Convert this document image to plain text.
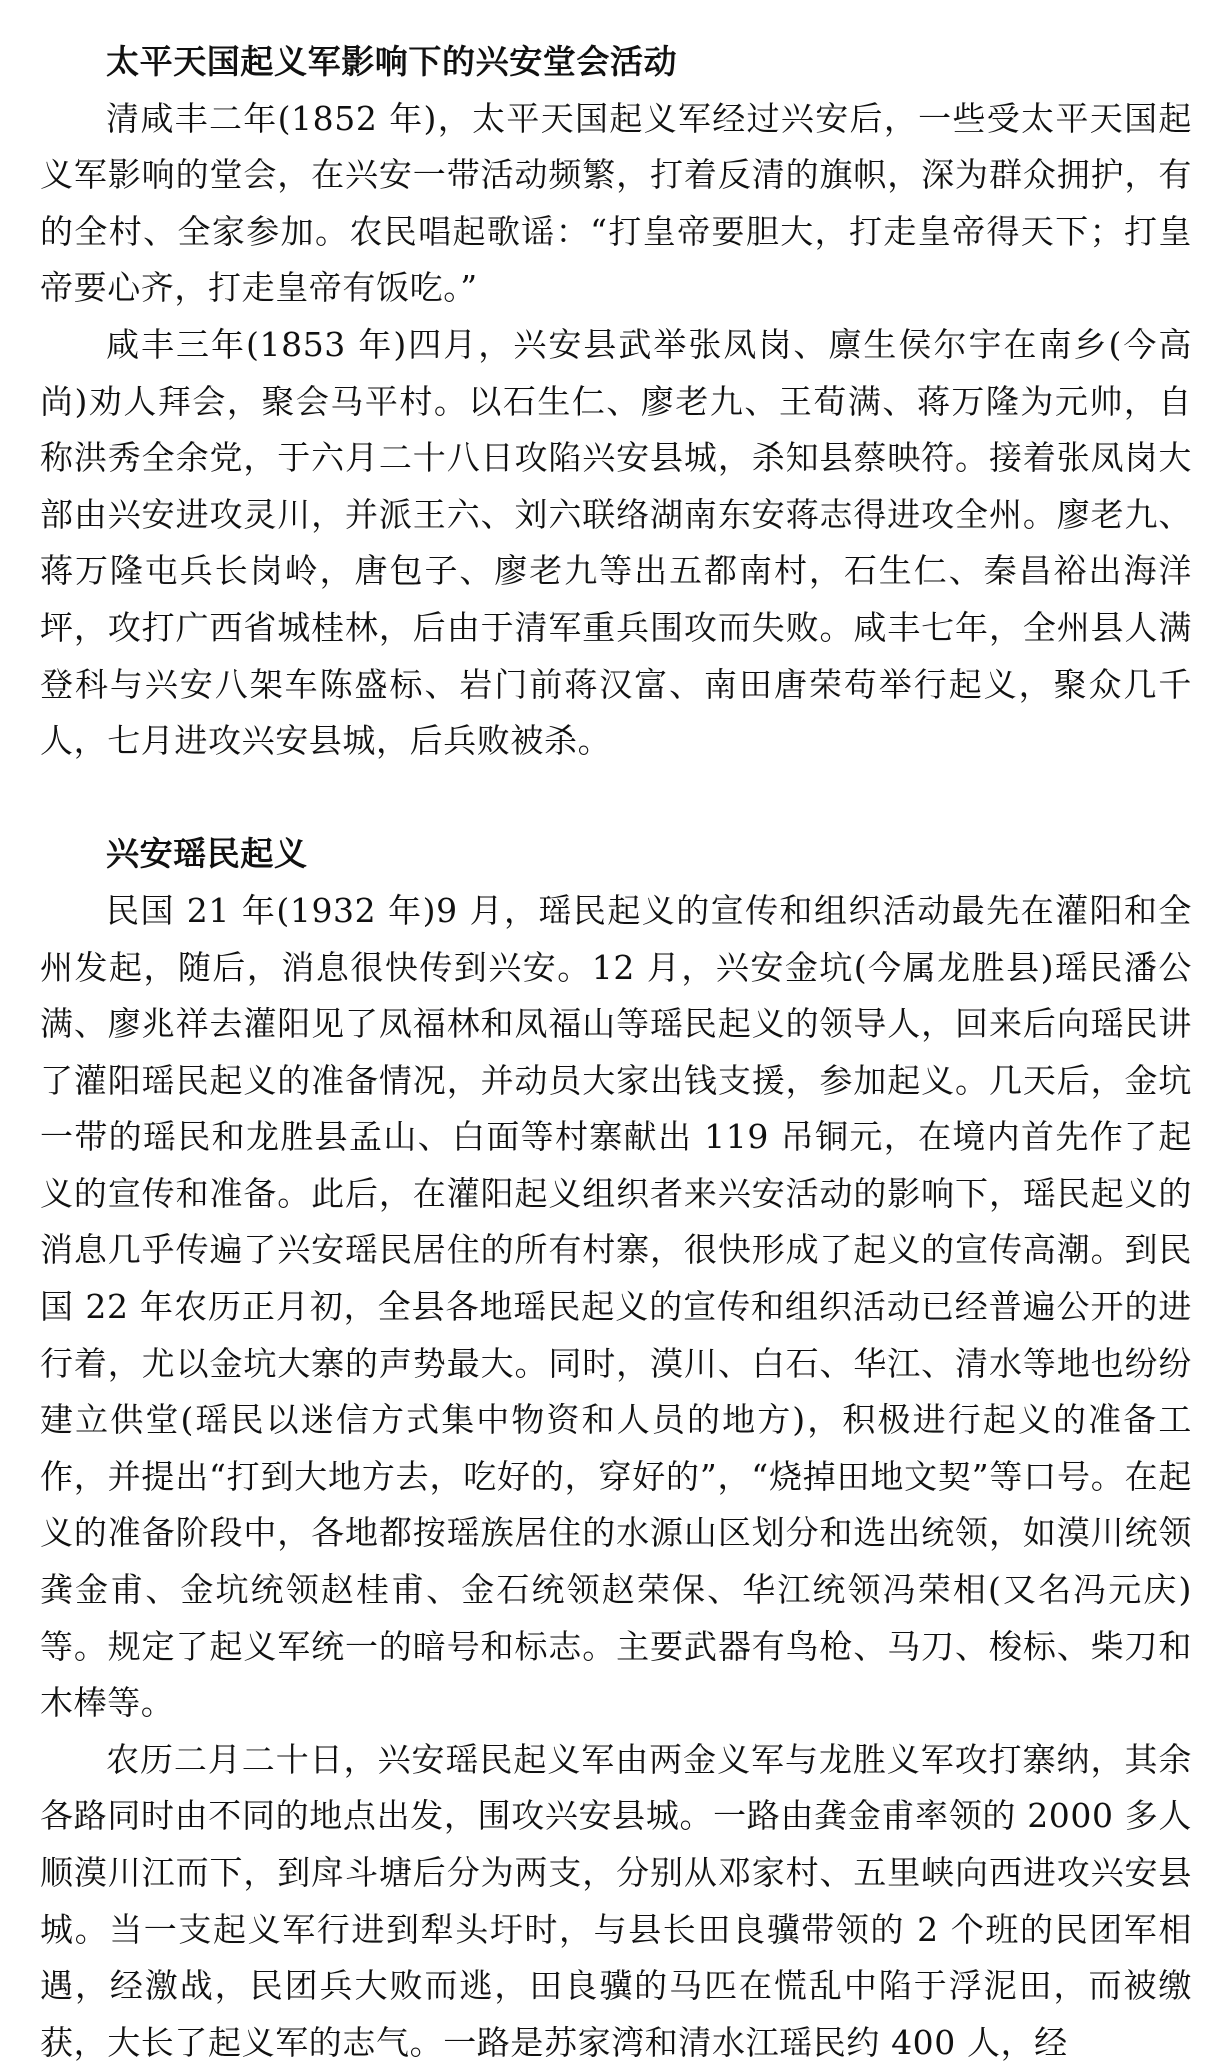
太平天国起义军影响下的兴安堂会活动

清咸丰二年(1852 年)，太平天国起义军经过兴安后，一些受太平天国起义军影响的堂会，在兴安一带活动频繁，打着反清的旗帜，深为群众拥护，有的全村、全家参加。农民唱起歌谣：“打皇帝要胆大，打走皇帝得天下；打皇帝要心齐，打走皇帝有饭吃。”

咸丰三年(1853 年)四月，兴安县武举张凤岗、廪生侯尔宇在南乡(今高尚)劝人拜会，聚会马平村。以石生仁、廖老九、王荀满、蒋万隆为元帅，自称洪秀全余党，于六月二十八日攻陷兴安县城，杀知县蔡映符。接着张凤岗大部由兴安进攻灵川，并派王六、刘六联络湖南东安蒋志得进攻全州。廖老九、蒋万隆屯兵长岗岭，唐包子、廖老九等出五都南村，石生仁、秦昌裕出海洋坪，攻打广西省城桂林，后由于清军重兵围攻而失败。咸丰七年，全州县人满登科与兴安八架车陈盛标、岩门前蒋汉富、南田唐荣苟举行起义，聚众几千人，七月进攻兴安县城，后兵败被杀。

兴安瑶民起义

民国 21 年(1932 年)9 月，瑶民起义的宣传和组织活动最先在灌阳和全州发起，随后，消息很快传到兴安。12 月，兴安金坑(今属龙胜县)瑶民潘公满、廖兆祥去灌阳见了凤福林和凤福山等瑶民起义的领导人，回来后向瑶民讲了灌阳瑶民起义的准备情况，并动员大家出钱支援，参加起义。几天后，金坑一带的瑶民和龙胜县孟山、白面等村寨献出 119 吊铜元，在境内首先作了起义的宣传和准备。此后，在灌阳起义组织者来兴安活动的影响下，瑶民起义的消息几乎传遍了兴安瑶民居住的所有村寨，很快形成了起义的宣传高潮。到民国 22 年农历正月初，全县各地瑶民起义的宣传和组织活动已经普遍公开的进行着，尤以金坑大寨的声势最大。同时，漠川、白石、华江、清水等地也纷纷建立供堂(瑶民以迷信方式集中物资和人员的地方)，积极进行起义的准备工作，并提出“打到大地方去，吃好的，穿好的”，“烧掉田地文契”等口号。在起义的准备阶段中，各地都按瑶族居住的水源山区划分和选出统领，如漠川统领龚金甫、金坑统领赵桂甫、金石统领赵荣保、华江统领冯荣相(又名冯元庆)等。规定了起义军统一的暗号和标志。主要武器有鸟枪、马刀、梭标、柴刀和木棒等。

农历二月二十日，兴安瑶民起义军由两金义军与龙胜义军攻打寨纳，其余各路同时由不同的地点出发，围攻兴安县城。一路由龚金甫率领的 2000 多人顺漠川江而下，到戽斗塘后分为两支，分别从邓家村、五里峡向西进攻兴安县城。当一支起义军行进到犁头圩时，与县长田良骥带领的 2 个班的民团军相遇，经激战，民团兵大败而逃，田良骥的马匹在慌乱中陷于浮泥田，而被缴获，大长了起义军的志气。一路是苏家湾和清水江瑶民约 400 人，经
